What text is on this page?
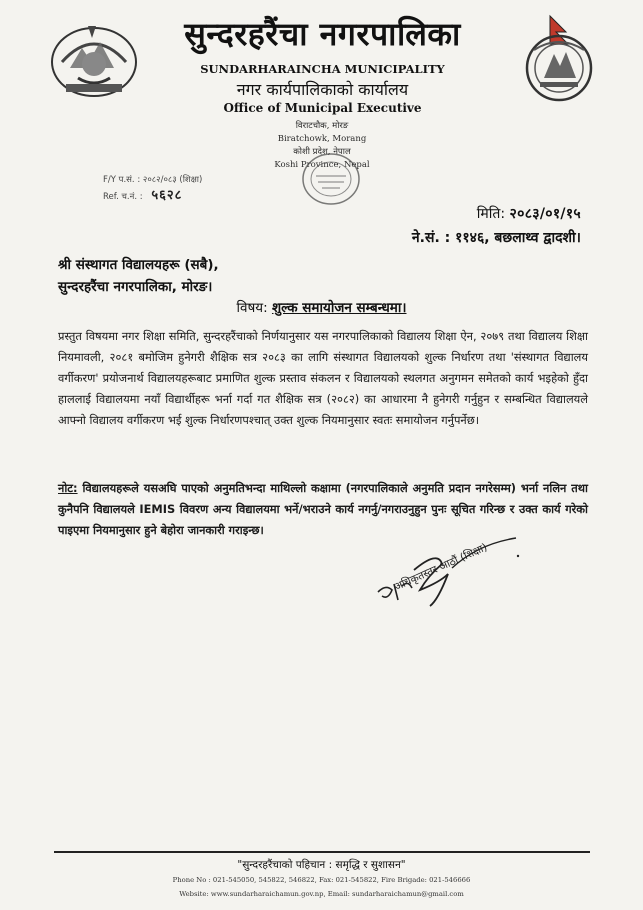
सुन्दरहरैंचा नगरपालिका
SUNDARHARAINCHA MUNICIPALITY
नगर कार्यपालिकाको कार्यालय
Office of Municipal Executive
विराटचौक, मोरङ
Biratchowk, Morang
कोशी प्रदेश, नेपाल
Koshi Province, Nepal
F/Y प.सं. : २०८२/०८३ (शिक्षा)
Ref. च.नं. : ५६२८
मिति: २०८३/०१/१५
ने.सं. : ११४६, बछलाथ्व द्वादशी।
श्री संस्थागत विद्यालयहरू (सबै),
सुन्दरहरैंचा नगरपालिका, मोरङ।
विषय: शुल्क समायोजन सम्बन्धमा।
प्रस्तुत विषयमा नगर शिक्षा समिति, सुन्दरहरैंचाको निर्णयानुसार यस नगरपालिकाको विद्यालय शिक्षा ऐन, २०७९ तथा विद्यालय शिक्षा नियमावली, २०८१ बमोजिम हुनेगरी शैक्षिक सत्र २०८३ का लागि संस्थागत विद्यालयको शुल्क निर्धारण तथा 'संस्थागत विद्यालय वर्गीकरण' प्रयोजनार्थ विद्यालयहरूबाट प्रमाणित शुल्क प्रस्ताव संकलन र विद्यालयको स्थलगत अनुगमन समेतको कार्य भइहेको हुँदा हाललाई विद्यालयमा नयाँ विद्यार्थीहरू भर्ना गर्दा गत शैक्षिक सत्र (२०८२) का आधारमा नै हुनेगरी गर्नुहुन र सम्बन्धित विद्यालयले आफ्नो विद्यालय वर्गीकरण भई शुल्क निर्धारणपश्चात् उक्त शुल्क नियमानुसार स्वतः समायोजन गर्नुपर्नेछ।
नोट: विद्यालयहरूले यसअघि पाएको अनुमतिभन्दा माथिल्लो कक्षामा (नगरपालिकाले अनुमति प्रदान नगरेसम्म) भर्ना नलिन तथा कुनैपनि विद्यालयले IEMIS विवरण अन्य विद्यालयमा भर्ने/भराउने कार्य नगर्नु/नगराउनुहुन पुनः सूचित गरिन्छ र उक्त कार्य गरेको पाइएमा नियमानुसार हुने बेहोरा जानकारी गराइन्छ।
अधिकृतस्तर आठौं (शिक्षा)
"सुन्दरहरैंचाको पहिचान : समृद्धि र सुशासन"
Phone No : 021-545050, 545822, 546822, Fax: 021-545822, Fire Brigade: 021-546666
Website: www.sundarharaichamun.gov.np, Email: sundarharaichamun@gmail.com
